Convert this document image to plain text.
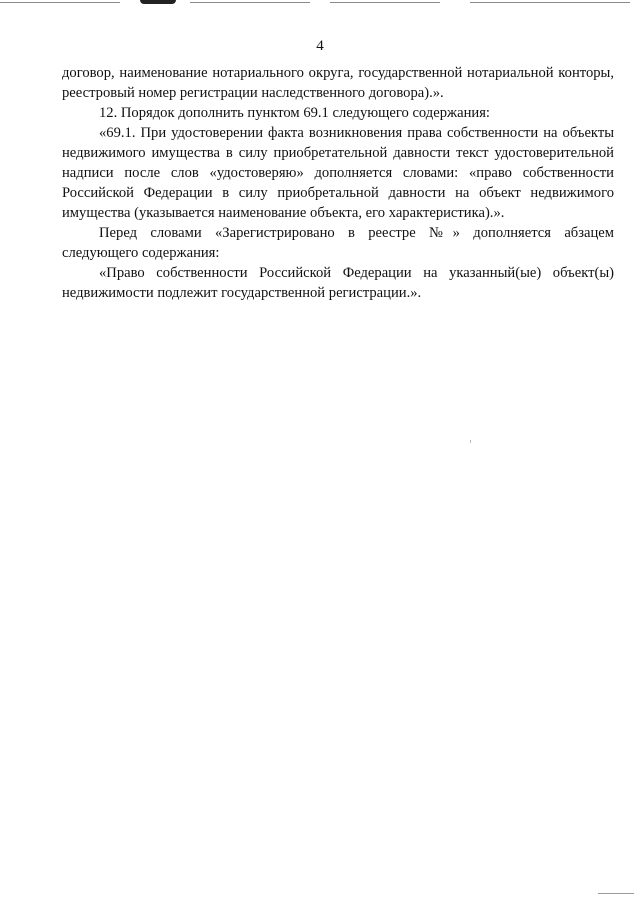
4

договор, наименование нотариального округа, государственной нотариальной конторы, реестровый номер регистрации наследственного договора).».

12. Порядок дополнить пунктом 69.1 следующего содержания:

«69.1. При удостоверении факта возникновения права собственности на объекты недвижимого имущества в силу приобретательной давности текст удостоверительной надписи после слов «удостоверяю» дополняется словами: «право собственности Российской Федерации в силу приобретальной давности на объект недвижимого имущества (указывается наименование объекта, его характеристика).».

Перед словами «Зарегистрировано в реестре №» дополняется абзацем следующего содержания:

«Право собственности Российской Федерации на указанный(ые) объект(ы) недвижимости подлежит государственной регистрации.».
